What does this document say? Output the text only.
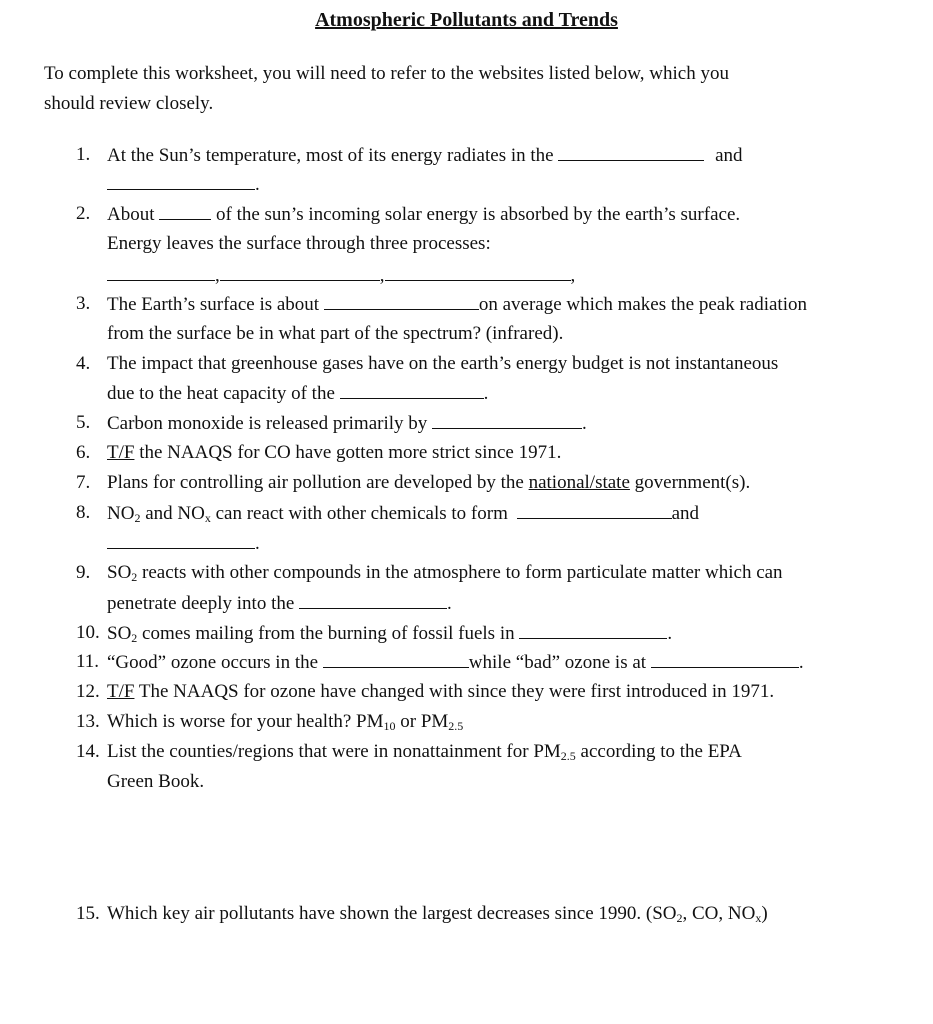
Atmospheric Pollutants and Trends
To complete this worksheet, you will need to refer to the websites listed below, which you
should review closely.
1. At the Sun’s temperature, most of its energy radiates in the	and
.
2. About	of the sun’s incoming solar energy is absorbed by the earth’s surface.
Energy leaves the surface through three processes:
,	,	,
3. The Earth’s surface is about	on average which makes the peak radiation
from the surface be in what part of the spectrum? (infrared).
4. The impact that greenhouse gases have on the earth’s energy budget is not instantaneous
due to the heat capacity of the	.
5. Carbon monoxide is released primarily by	.
6. T/F the NAAQS for CO have gotten more strict since 1971.
7. Plans for controlling air pollution are developed by the national/state government(s).
8. $NO_2$ and $NO_x$ can react with other chemicals to form	and
.
9. $SO_2$ reacts with other compounds in the atmosphere to form particulate matter which can
penetrate deeply into the	.
10. $SO_2$ comes mailing from the burning of fossil fuels in	.
11. “Good” ozone occurs in the	while “bad” ozone is at	.
12. T/F The NAAQS for ozone have changed with since they were first introduced in 1971.
13. Which is worse for your health? $PM_{10}$ or $PM_{2.5}$
14. List the counties/regions that were in nonattainment for $PM_{2.5}$ according to the EPA
Green Book.
15. Which key air pollutants have shown the largest decreases since 1990. ($SO_2$, CO, $NO_x$)
